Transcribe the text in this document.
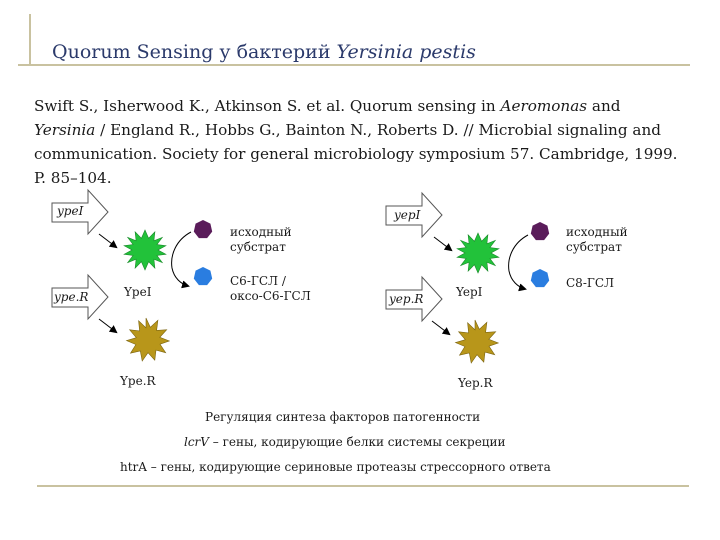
Quorum Sensing у бактерий Yersinia pestis
Swift S., Isherwood K., Atkinson S. et al. Quorum sensing in Aeromonas and Yersinia / England R., Hobbs G., Bainton N., Roberts D. // Microbial signaling and communication. Society for general microbiology symposium 57. Cambridge, 1999. P. 85–104.
ypeI
ype.R	YpeI
Ype.R
исходный субстрат
С6-ГСЛ / оксо-С6-ГСЛ
yepI
yep.R	YepI
Yep.R
исходный субстрат
С8-ГСЛ
Регуляция синтеза факторов патогенности
lcrV – гены, кодирующие белки системы секреции
htrA – гены, кодирующие сериновые протеазы стрессорного ответа
